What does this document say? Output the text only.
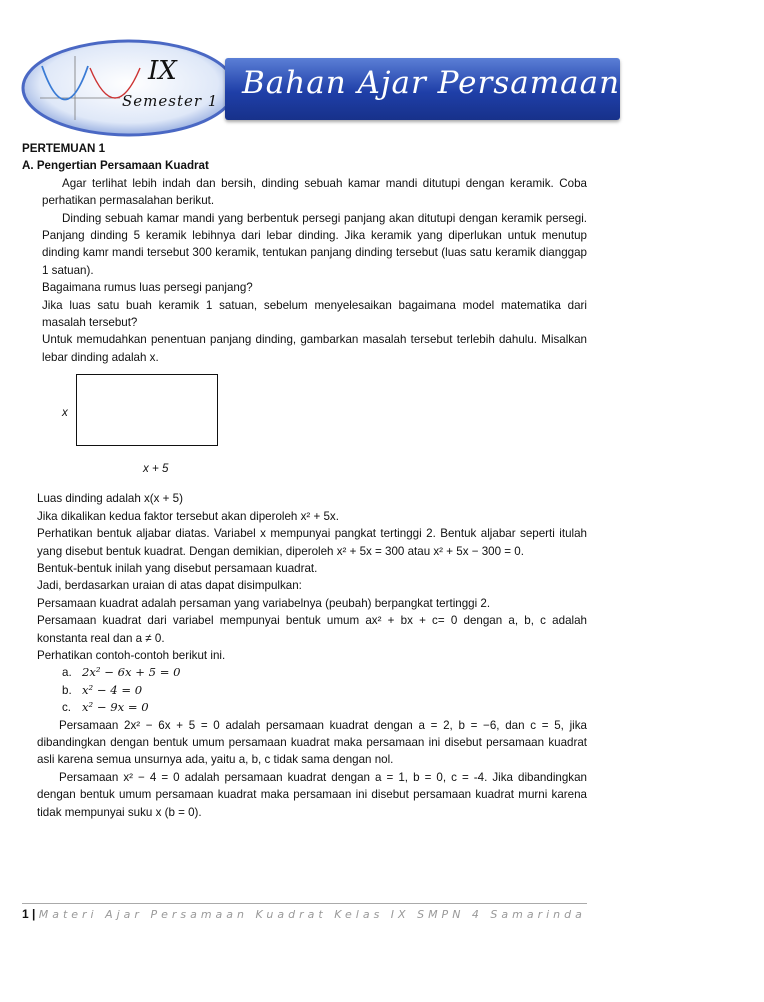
IX
Semester 1 Bahan Ajar Persamaan Kuadrat

PERTEMUAN 1

A. Pengertian Persamaan Kuadrat

Agar terlihat lebih indah dan bersih, dinding sebuah kamar mandi ditutupi dengan keramik. Coba perhatikan permasalahan berikut.

Dinding sebuah kamar mandi yang berbentuk persegi panjang akan ditutupi dengan keramik persegi. Panjang dinding 5 keramik lebihnya dari lebar dinding. Jika keramik yang diperlukan untuk menutup dinding kamr mandi tersebut 300 keramik, tentukan panjang dinding tersebut (luas satu keramik dianggap 1 satuan).

Bagaimana rumus luas persegi panjang?

Jika luas satu buah keramik 1 satuan, sebelum menyelesaikan bagaimana model matematika dari masalah tersebut?

Untuk memudahkan penentuan panjang dinding, gambarkan masalah tersebut terlebih dahulu. Misalkan lebar dinding adalah x.

x
x + 5

Luas dinding adalah x(x + 5)

Jika dikalikan kedua faktor tersebut akan diperoleh x² + 5x.

Perhatikan bentuk aljabar diatas. Variabel x mempunyai pangkat tertinggi 2. Bentuk aljabar seperti itulah yang disebut bentuk kuadrat. Dengan demikian, diperoleh x² + 5x = 300 atau x² + 5x − 300 = 0.

Bentuk-bentuk inilah yang disebut persamaan kuadrat.

Jadi, berdasarkan uraian di atas dapat disimpulkan:

Persamaan kuadrat adalah persaman yang variabelnya (peubah) berpangkat tertinggi 2.

Persamaan kuadrat dari variabel mempunyai bentuk umum ax² + bx + c= 0 dengan a, b, c adalah konstanta real dan a ≠ 0.

Perhatikan contoh-contoh berikut ini.

a. 2x² − 6x + 5 = 0

b. x² − 4 = 0

c. x² − 9x = 0

Persamaan 2x² − 6x + 5 = 0 adalah persamaan kuadrat dengan a = 2, b = −6, dan c = 5, jika dibandingkan dengan bentuk umum persamaan kuadrat maka persamaan ini disebut persamaan kuadrat asli karena semua unsurnya ada, yaitu a, b, c tidak sama dengan nol.

Persamaan x² − 4 = 0 adalah persamaan kuadrat dengan a = 1, b = 0, c = -4. Jika dibandingkan dengan bentuk umum persamaan kuadrat maka persamaan ini disebut persamaan kuadrat murni karena tidak mempunyai suku x (b = 0).

1 | Materi Ajar Persamaan Kuadrat Kelas IX SMPN 4 Samarinda
